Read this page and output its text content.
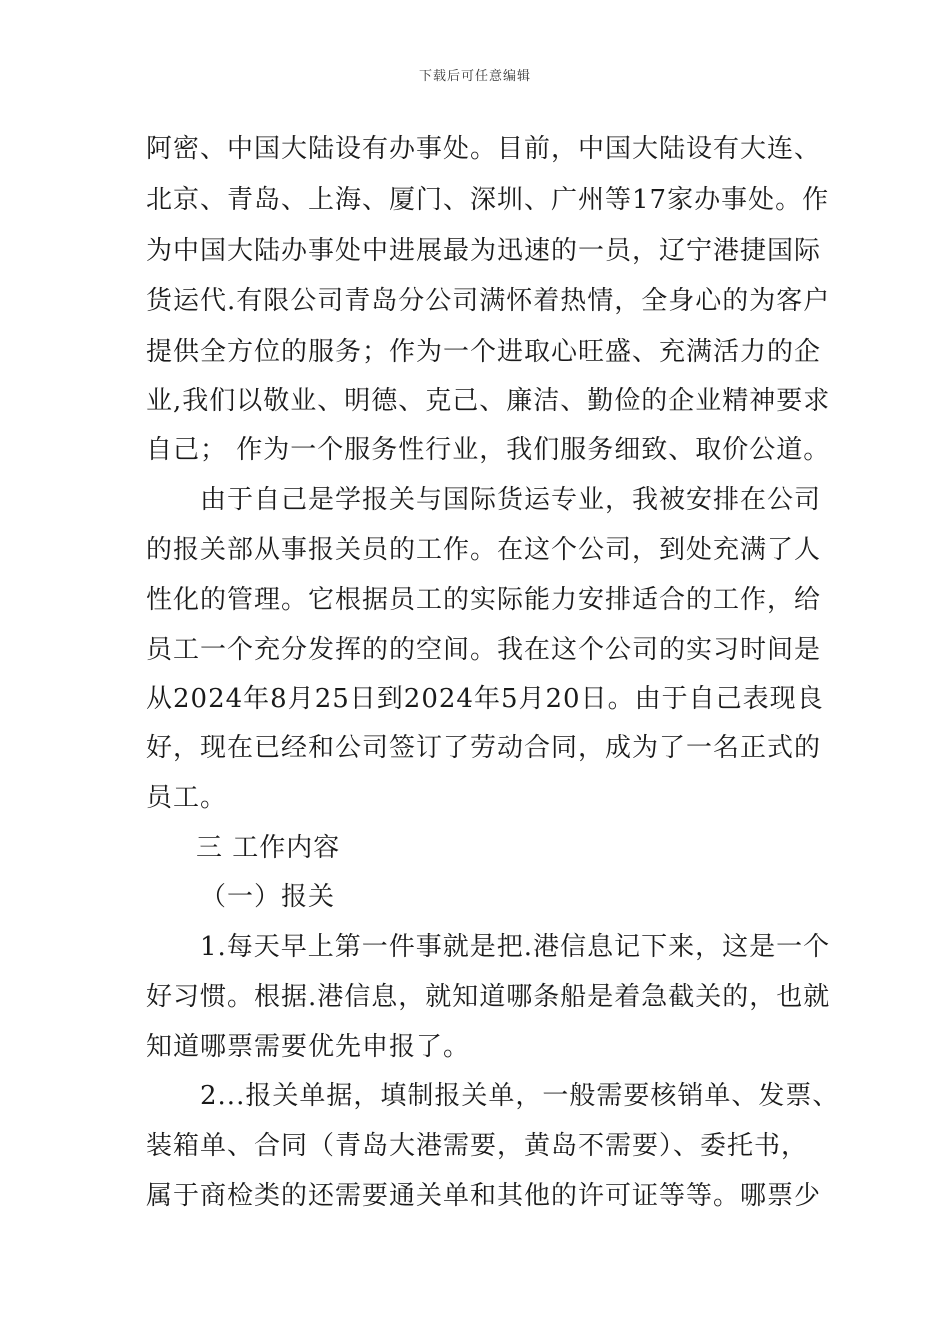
下载后可任意编辑
阿密、中国大陆设有办事处。目前，中国大陆设有大连、
北京、青岛、上海、厦门、深圳、广州等17家办事处。作
为中国大陆办事处中进展最为迅速的一员，辽宁港捷国际
货运代.有限公司青岛分公司满怀着热情，全身心的为客户
提供全方位的服务；作为一个进取心旺盛、充满活力的企
业,我们以敬业、明德、克己、廉洁、勤俭的企业精神要求
自己； 作为一个服务性行业，我们服务细致、取价公道。
由于自己是学报关与国际货运专业，我被安排在公司
的报关部从事报关员的工作。在这个公司，到处充满了人
性化的管理。它根据员工的实际能力安排适合的工作，给
员工一个充分发挥的的空间。我在这个公司的实习时间是
从2024年8月25日到2024年5月20日。由于自己表现良
好，现在已经和公司签订了劳动合同，成为了一名正式的
员工。
三 工作内容
（一）报关
1.每天早上第一件事就是把.港信息记下来，这是一个
好习惯。根据.港信息，就知道哪条船是着急截关的，也就
知道哪票需要优先申报了。
2...报关单据，填制报关单，一般需要核销单、发票、
装箱单、合同（青岛大港需要，黄岛不需要）、委托书，
属于商检类的还需要通关单和其他的许可证等等。哪票少
